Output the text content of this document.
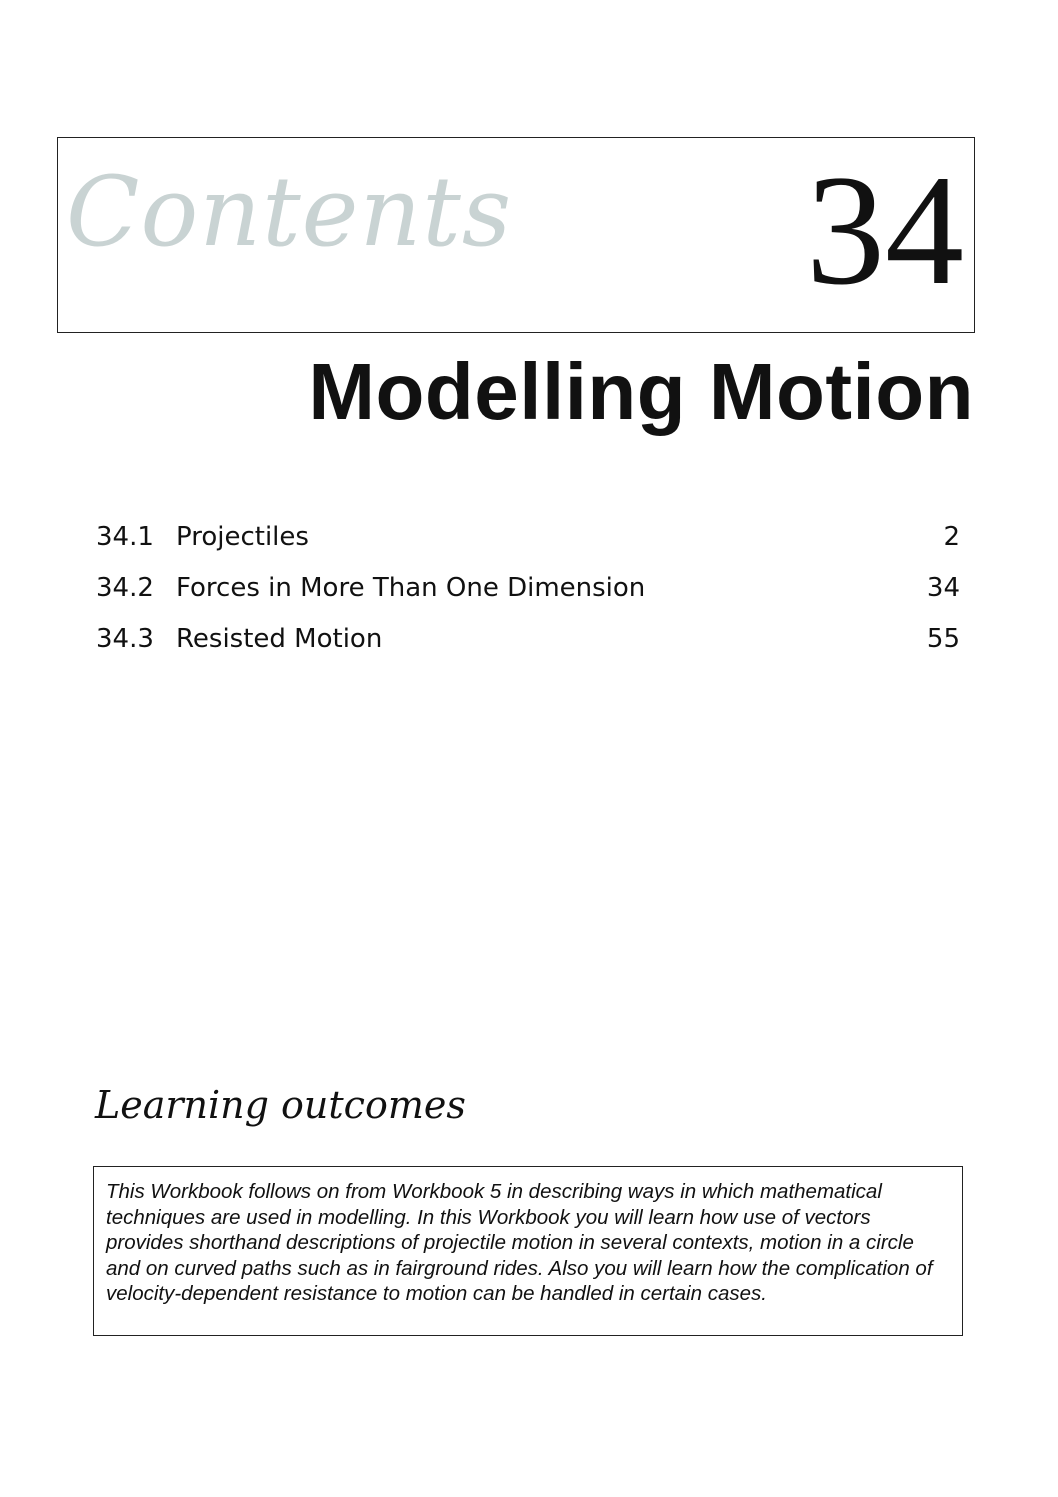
Contents 34
Modelling Motion
34.1 Projectiles	2
34.2 Forces in More Than One Dimension	34
34.3 Resisted Motion	55
Learning outcomes

This Workbook follows on from Workbook 5 in describing ways in which mathematical techniques are used in modelling. In this Workbook you will learn how use of vectors provides shorthand descriptions of projectile motion in several contexts, motion in a circle and on curved paths such as in fairground rides. Also you will learn how the complication of velocity-dependent resistance to motion can be handled in certain cases.
